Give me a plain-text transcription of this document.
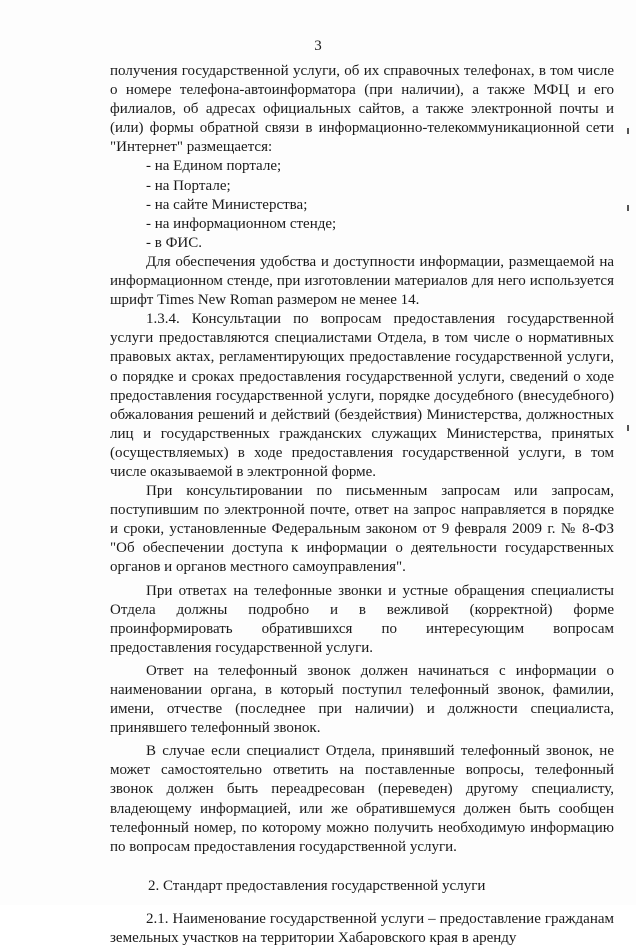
3

получения государственной услуги, об их справочных телефонах, в том числе о номере телефона-автоинформатора (при наличии), а также МФЦ и его филиалов, об адресах официальных сайтов, а также электронной почты и (или) формы обратной связи в информационно-телекоммуникационной сети "Интернет" размещается:

- на Едином портале;

- на Портале;

- на сайте Министерства;

- на информационном стенде;

- в ФИС.

Для обеспечения удобства и доступности информации, размещаемой на информационном стенде, при изготовлении материалов для него используется шрифт Times New Roman размером не менее 14.

1.3.4. Консультации по вопросам предоставления государственной услуги предоставляются специалистами Отдела, в том числе о нормативных правовых актах, регламентирующих предоставление государственной услуги, о порядке и сроках предоставления государственной услуги, сведений о ходе предоставления государственной услуги, порядке досудебного (внесудебного) обжалования решений и действий (бездействия) Министерства, должностных лиц и государственных гражданских служащих Министерства, принятых (осуществляемых) в ходе предоставления государственной услуги, в том числе оказываемой в электронной форме.

При консультировании по письменным запросам или запросам, поступившим по электронной почте, ответ на запрос направляется в порядке и сроки, установленные Федеральным законом от 9 февраля 2009 г. № 8-ФЗ "Об обеспечении доступа к информации о деятельности государственных органов и органов местного самоуправления".

При ответах на телефонные звонки и устные обращения специалисты Отдела должны подробно и в вежливой (корректной) форме проинформировать обратившихся по интересующим вопросам предоставления государственной услуги.

Ответ на телефонный звонок должен начинаться с информации о наименовании органа, в который поступил телефонный звонок, фамилии, имени, отчестве (последнее при наличии) и должности специалиста, принявшего телефонный звонок.

В случае если специалист Отдела, принявший телефонный звонок, не может самостоятельно ответить на поставленные вопросы, телефонный звонок должен быть переадресован (переведен) другому специалисту, владеющему информацией, или же обратившемуся должен быть сообщен телефонный номер, по которому можно получить необходимую информацию по вопросам предоставления государственной услуги.

2. Стандарт предоставления государственной услуги

2.1. Наименование государственной услуги – предоставление гражданам земельных участков на территории Хабаровского края в аренду
